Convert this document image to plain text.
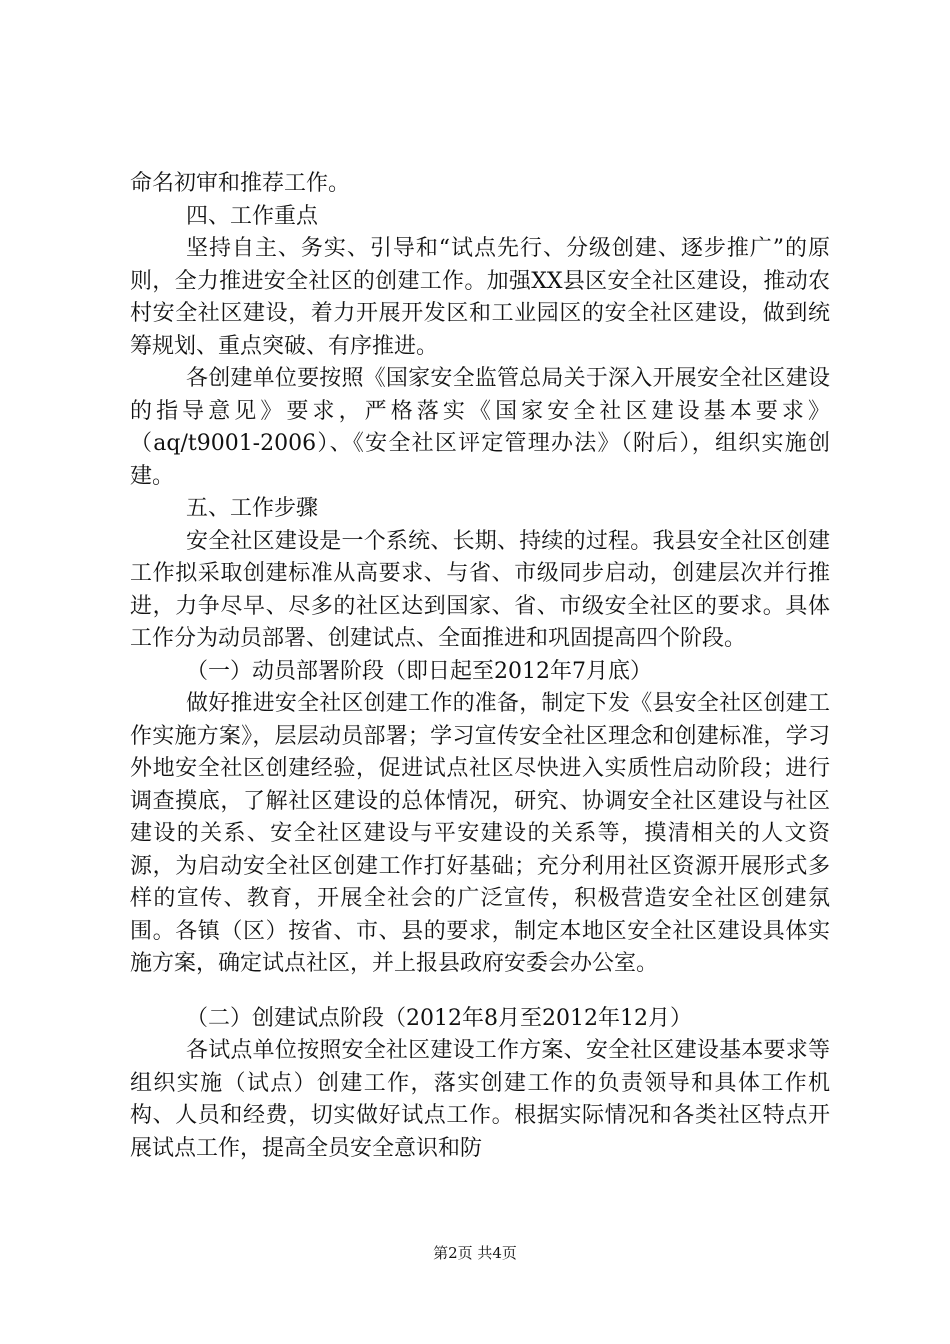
命名初审和推荐工作。

四、工作重点

坚持自主、务实、引导和“试点先行、分级创建、逐步推广”的原则，全力推进安全社区的创建工作。加强XX县区安全社区建设，推动农村安全社区建设，着力开展开发区和工业园区的安全社区建设，做到统筹规划、重点突破、有序推进。

各创建单位要按照《国家安全监管总局关于深入开展安全社区建设的指导意见》要求，严格落实《国家安全社区建设基本要求》（aq/t9001-2006）、《安全社区评定管理办法》（附后），组织实施创建。

五、工作步骤

安全社区建设是一个系统、长期、持续的过程。我县安全社区创建工作拟采取创建标准从高要求、与省、市级同步启动，创建层次并行推进，力争尽早、尽多的社区达到国家、省、市级安全社区的要求。具体工作分为动员部署、创建试点、全面推进和巩固提高四个阶段。

（一）动员部署阶段（即日起至2012年7月底）

做好推进安全社区创建工作的准备，制定下发《县安全社区创建工作实施方案》，层层动员部署；学习宣传安全社区理念和创建标准，学习外地安全社区创建经验，促进试点社区尽快进入实质性启动阶段；进行调查摸底，了解社区建设的总体情况，研究、协调安全社区建设与社区建设的关系、安全社区建设与平安建设的关系等，摸清相关的人文资源，为启动安全社区创建工作打好基础；充分利用社区资源开展形式多样的宣传、教育，开展全社会的广泛宣传，积极营造安全社区创建氛围。各镇（区）按省、市、县的要求，制定本地区安全社区建设具体实施方案，确定试点社区，并上报县政府安委会办公室。

（二）创建试点阶段（2012年8月至2012年12月）

各试点单位按照安全社区建设工作方案、安全社区建设基本要求等组织实施（试点）创建工作，落实创建工作的负责领导和具体工作机构、人员和经费，切实做好试点工作。根据实际情况和各类社区特点开展试点工作，提高全员安全意识和防

第2页 共4页
